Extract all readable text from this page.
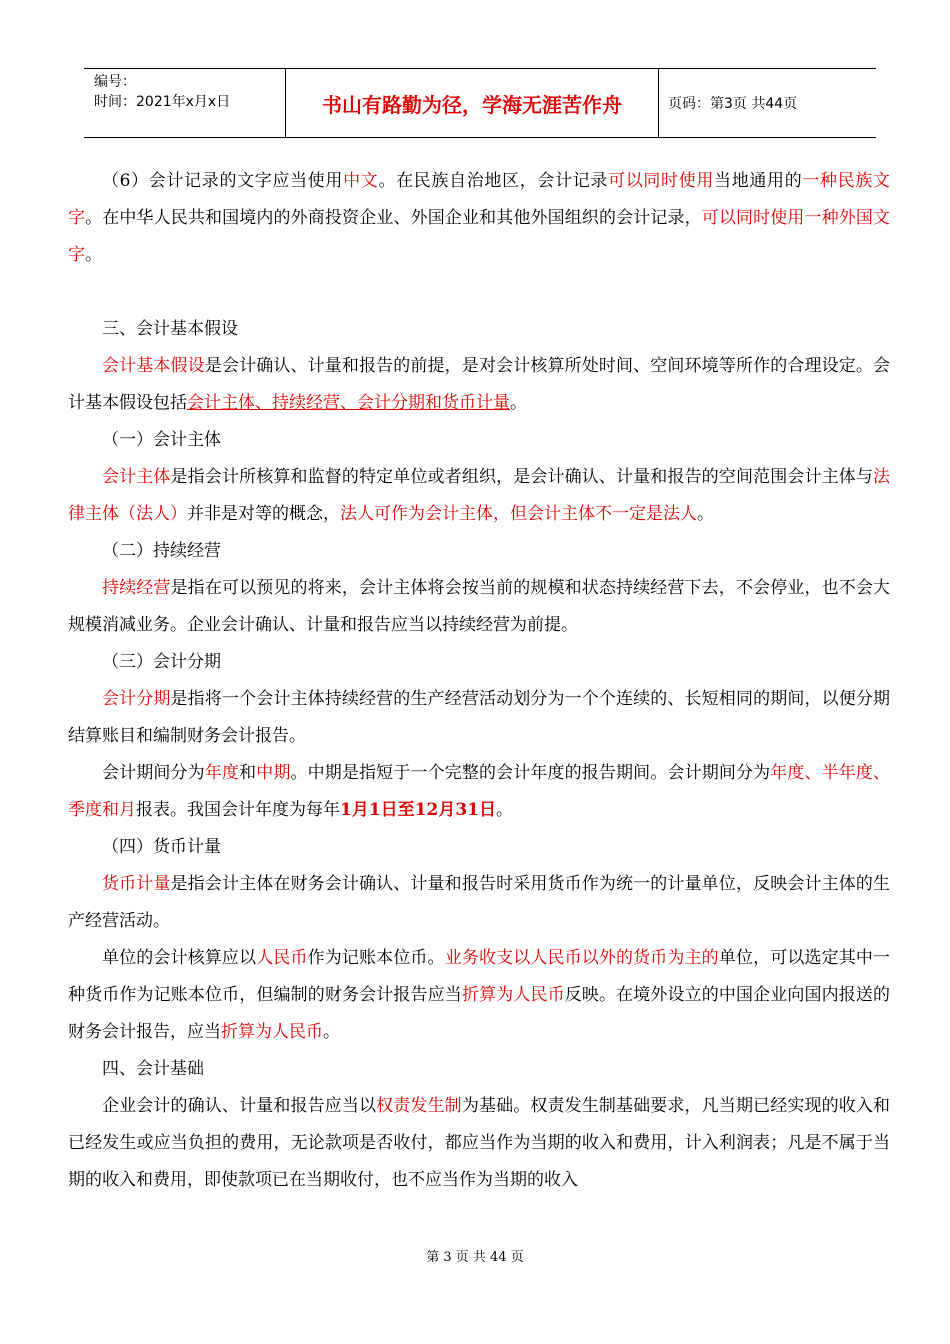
编号：
时间：2021年x月x日	书山有路勤为径，学海无涯苦作舟	页码：第3页 共44页

（6）会计记录的文字应当使用中文。在民族自治地区，会计记录可以同时使用当地通用的一种民族文字。在中华人民共和国境内的外商投资企业、外国企业和其他外国组织的会计记录，可以同时使用一种外国文字。

三、会计基本假设

会计基本假设是会计确认、计量和报告的前提，是对会计核算所处时间、空间环境等所作的合理设定。会计基本假设包括会计主体、持续经营、会计分期和货币计量。

（一）会计主体

会计主体是指会计所核算和监督的特定单位或者组织，是会计确认、计量和报告的空间范围会计主体与法律主体（法人）并非是对等的概念，法人可作为会计主体，但会计主体不一定是法人。

（二）持续经营

持续经营是指在可以预见的将来，会计主体将会按当前的规模和状态持续经营下去，不会停业，也不会大规模消减业务。企业会计确认、计量和报告应当以持续经营为前提。

（三）会计分期

会计分期是指将一个会计主体持续经营的生产经营活动划分为一个个连续的、长短相同的期间，以便分期结算账目和编制财务会计报告。

会计期间分为年度和中期。中期是指短于一个完整的会计年度的报告期间。会计期间分为年度、半年度、季度和月报表。我国会计年度为每年1月1日至12月31日。

（四）货币计量

货币计量是指会计主体在财务会计确认、计量和报告时采用货币作为统一的计量单位，反映会计主体的生产经营活动。

单位的会计核算应以人民币作为记账本位币。业务收支以人民币以外的货币为主的单位，可以选定其中一种货币作为记账本位币，但编制的财务会计报告应当折算为人民币反映。在境外设立的中国企业向国内报送的财务会计报告，应当折算为人民币。

四、会计基础

企业会计的确认、计量和报告应当以权责发生制为基础。权责发生制基础要求，凡当期已经实现的收入和已经发生或应当负担的费用，无论款项是否收付，都应当作为当期的收入和费用，计入利润表；凡是不属于当期的收入和费用，即使款项已在当期收付，也不应当作为当期的收入

第 3 页 共 44 页
